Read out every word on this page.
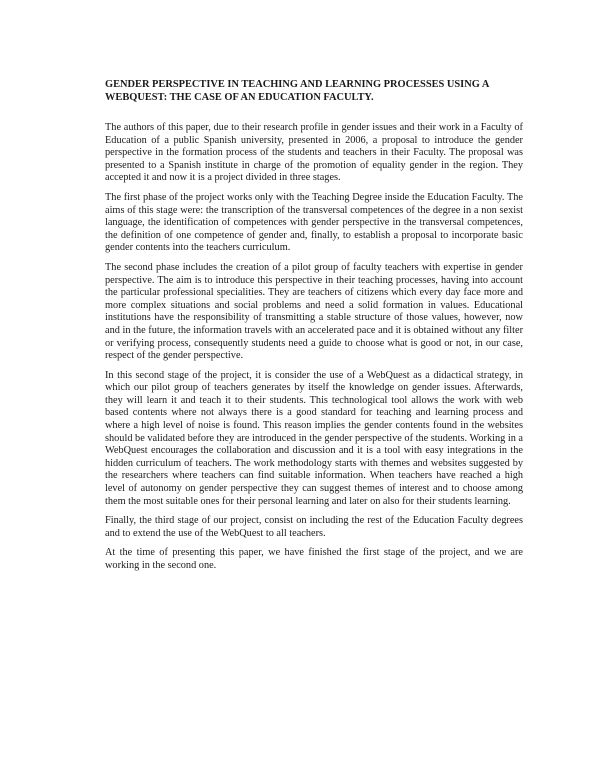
GENDER PERSPECTIVE IN TEACHING AND LEARNING PROCESSES USING A WEBQUEST: THE CASE OF AN EDUCATION FACULTY.

The authors of this paper, due to their research profile in gender issues and their work in a Faculty of Education of a public Spanish university, presented in 2006, a proposal to introduce the gender perspective in the formation process of the students and teachers in their Faculty. The proposal was presented to a Spanish institute in charge of the promotion of equality gender in the region. They accepted it and now it is a project divided in three stages.

The first phase of the project works only with the Teaching Degree inside the Education Faculty. The aims of this stage were: the transcription of the transversal competences of the degree in a non sexist language, the identification of competences with gender perspective in the transversal competences, the definition of one competence of gender and, finally, to establish a proposal to incorporate basic gender contents into the teachers curriculum.

The second phase includes the creation of a pilot group of faculty teachers with expertise in gender perspective. The aim is to introduce this perspective in their teaching processes, having into account the particular professional specialities. They are teachers of citizens which every day face more and more complex situations and social problems and need a solid formation in values. Educational institutions have the responsibility of transmitting a stable structure of those values, however, now and in the future, the information travels with an accelerated pace and it is obtained without any filter or verifying process, consequently students need a guide to choose what is good or not, in our case, respect of the gender perspective.

In this second stage of the project, it is consider the use of a WebQuest as a didactical strategy, in which our pilot group of teachers generates by itself the knowledge on gender issues. Afterwards, they will learn it and teach it to their students. This technological tool allows the work with web based contents where not always there is a good standard for teaching and learning process and where a high level of noise is found. This reason implies the gender contents found in the websites should be validated before they are introduced in the gender perspective of the students. Working in a WebQuest encourages the collaboration and discussion and it is a tool with easy integrations in the hidden curriculum of teachers. The work methodology starts with themes and websites suggested by the researchers where teachers can find suitable information. When teachers have reached a high level of autonomy on gender perspective they can suggest themes of interest and to choose among them the most suitable ones for their personal learning and later on also for their students learning.

Finally, the third stage of our project, consist on including the rest of the Education Faculty degrees and to extend the use of the WebQuest to all teachers.

At the time of presenting this paper, we have finished the first stage of the project, and we are working in the second one.
